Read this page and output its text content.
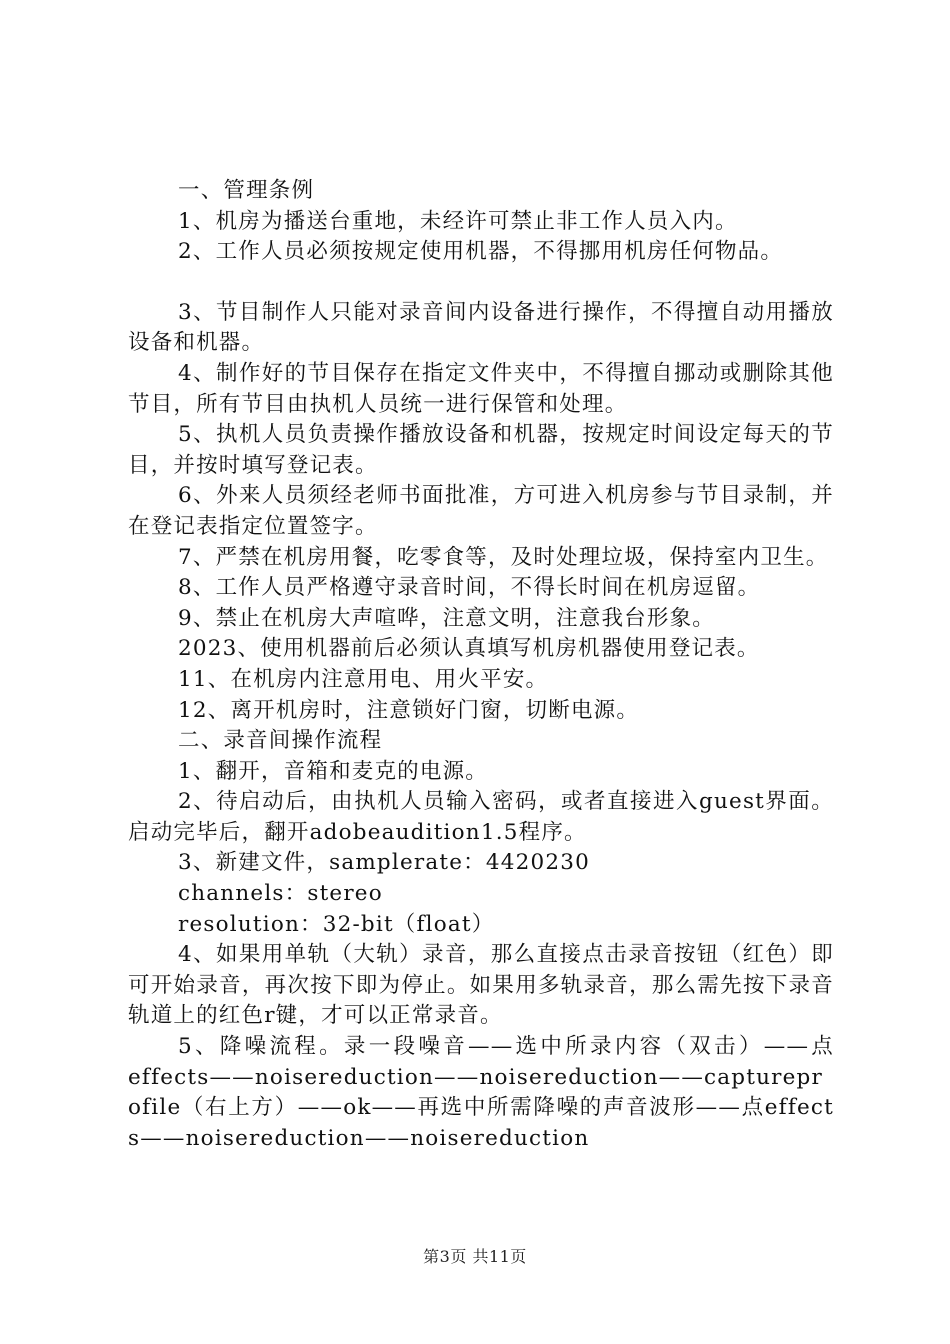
一、管理条例

1、机房为播送台重地，未经许可禁止非工作人员入内。

2、工作人员必须按规定使用机器，不得挪用机房任何物品。

3、节目制作人只能对录音间内设备进行操作，不得擅自动用播放设备和机器。

4、制作好的节目保存在指定文件夹中，不得擅自挪动或删除其他节目，所有节目由执机人员统一进行保管和处理。

5、执机人员负责操作播放设备和机器，按规定时间设定每天的节目，并按时填写登记表。

6、外来人员须经老师书面批准，方可进入机房参与节目录制，并在登记表指定位置签字。

7、严禁在机房用餐，吃零食等，及时处理垃圾，保持室内卫生。

8、工作人员严格遵守录音时间，不得长时间在机房逗留。

9、禁止在机房大声喧哗，注意文明，注意我台形象。

2023、使用机器前后必须认真填写机房机器使用登记表。

11、在机房内注意用电、用火平安。

12、离开机房时，注意锁好门窗，切断电源。

二、录音间操作流程

1、翻开，音箱和麦克的电源。

2、待启动后，由执机人员输入密码，或者直接进入guest界面。启动完毕后，翻开adobeaudition1.5程序。

3、新建文件，samplerate：4420230

channels：stereo

resolution：32-bit（float）

4、如果用单轨（大轨）录音，那么直接点击录音按钮（红色）即可开始录音，再次按下即为停止。如果用多轨录音，那么需先按下录音轨道上的红色r键，才可以正常录音。

5、降噪流程。录一段噪音——选中所录内容（双击）——点　　effects——noisereduction——noisereduction——captureprofile（右上方）——ok——再选中所需降噪的声音波形——点effects——noisereduction——noisereduction

第3页 共11页
